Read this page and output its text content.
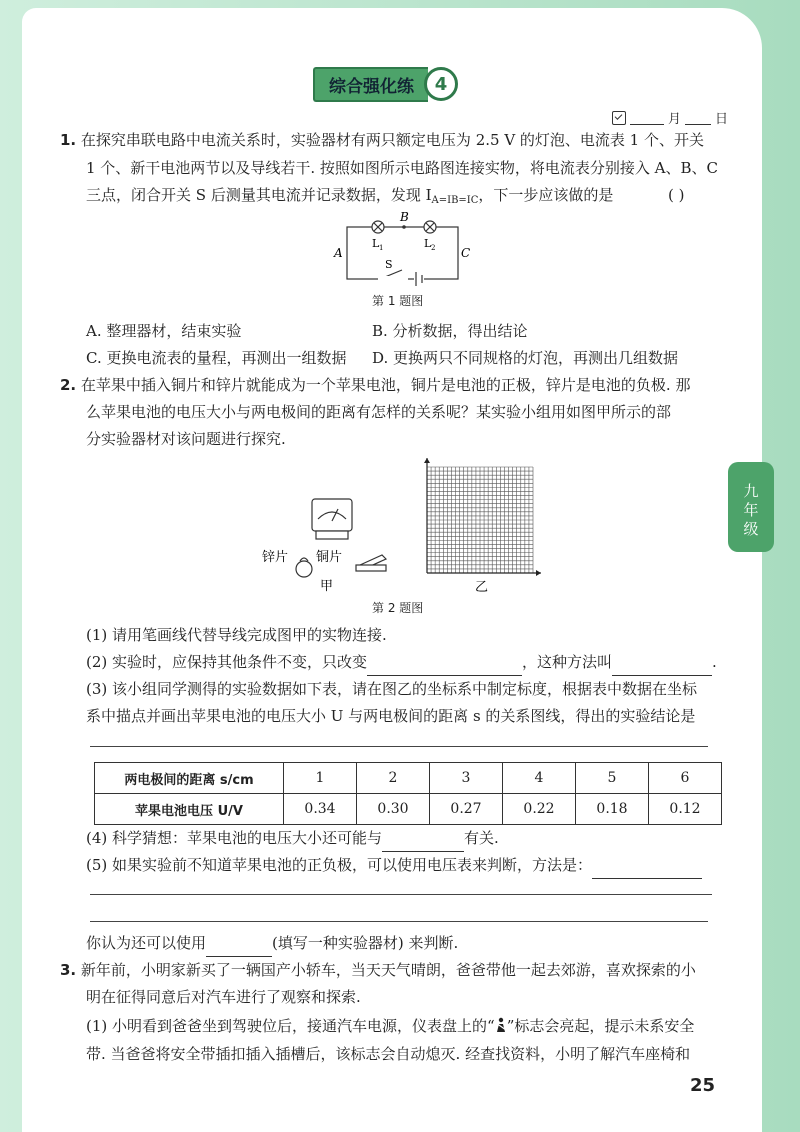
九
年
级
综合强化练	4
月	日
1. 在探究串联电路中电流关系时，实验器材有两只额定电压为 2.5 V 的灯泡、电流表 1 个、开关
1 个、新干电池两节以及导线若干. 按照如图所示电路图连接实物，将电流表分别接入 A、B、C
三点，闭合开关 S 后测量其电流并记录数据，发现 $I_{A=IB=IC}$，下一步应该做的是	( )
A
B
C
L 1	L 2
S
第 1 题图
A. 整理器材，结束实验	B. 分析数据，得出结论
C. 更换电流表的量程，再测出一组数据 D. 更换两只不同规格的灯泡，再测出几组数据
2. 在苹果中插入铜片和锌片就能成为一个苹果电池，铜片是电池的正极，锌片是电池的负极. 那
么苹果电池的电压大小与两电极间的距离有怎样的关系呢？某实验小组用如图甲所示的部
分实验器材对该问题进行探究.
锌片 铜片
甲	乙
第 2 题图
(1) 请用笔画线代替导线完成图甲的实物连接.
(2) 实验时，应保持其他条件不变，只改变	，这种方法叫	.
(3) 该小组同学测得的实验数据如下表，请在图乙的坐标系中制定标度，根据表中数据在坐标
系中描点并画出苹果电池的电压大小 U 与两电极间的距离 s 的关系图线，得出的实验结论是
两电极间的距离 s/cm	1	2	3	4	5	6
苹果电池电压 U/V	0.34	0.30	0.27	0.22	0.18	0.12
(4) 科学猜想：苹果电池的电压大小还可能与	有关.
(5) 如果实验前不知道苹果电池的正负极，可以使用电压表来判断，方法是：
你认为还可以使用	(填写一种实验器材) 来判断.
3. 新年前，小明家新买了一辆国产小轿车，当天天气晴朗，爸爸带他一起去郊游，喜欢探索的小
明在征得同意后对汽车进行了观察和探索.
(1) 小明看到爸爸坐到驾驶位后，接通汽车电源，仪表盘上的“ ”标志会亮起，提示未系安全
带. 当爸爸将安全带插扣插入插槽后，该标志会自动熄灭. 经查找资料，小明了解汽车座椅和
25
